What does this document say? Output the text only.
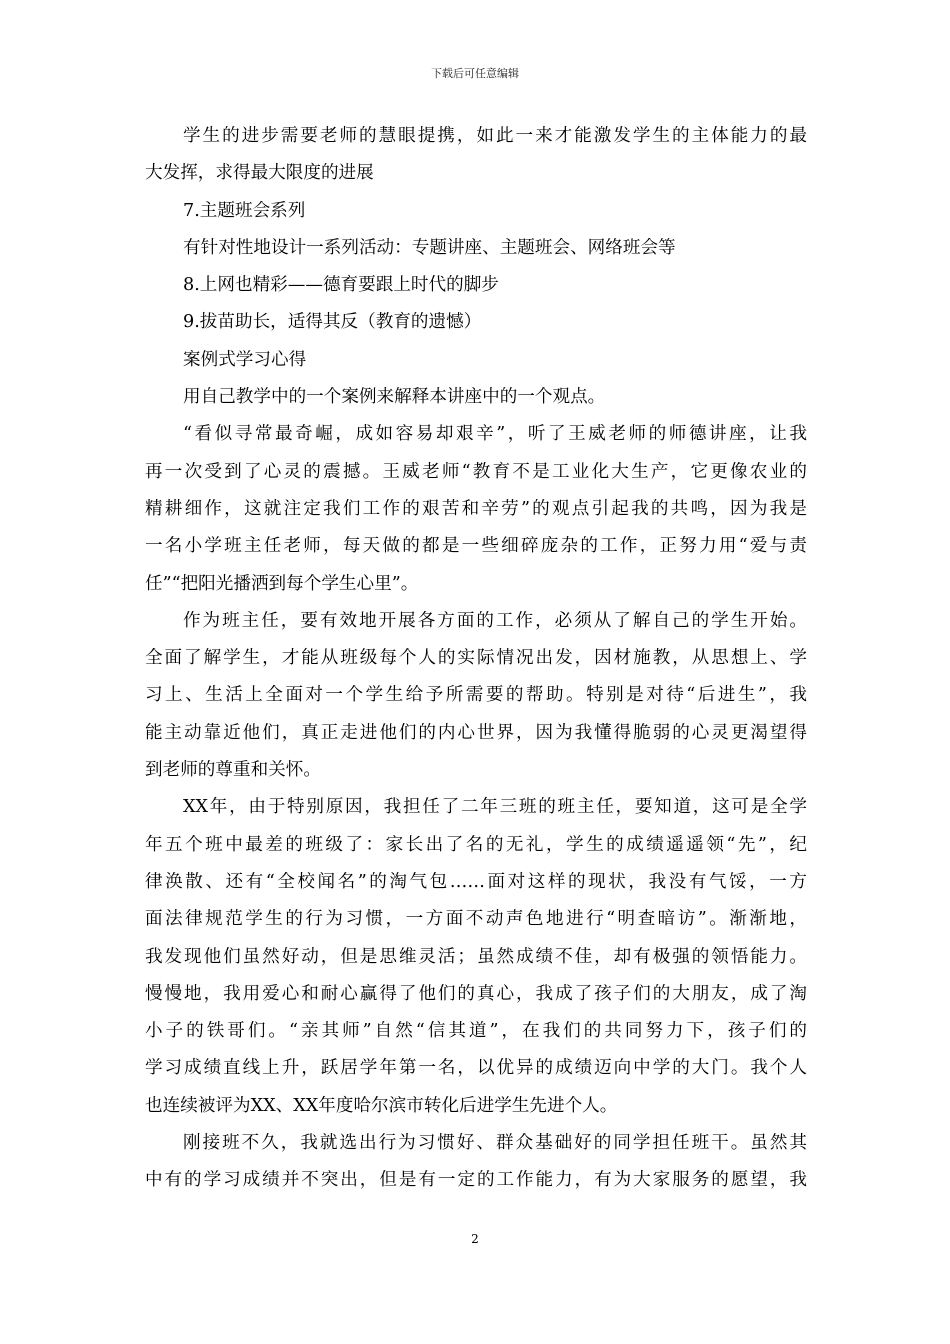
下载后可任意编辑
学生的进步需要老师的慧眼提携，如此一来才能激发学生的主体能力的最
大发挥，求得最大限度的进展
7.主题班会系列
有针对性地设计一系列活动：专题讲座、主题班会、网络班会等
8.上网也精彩——德育要跟上时代的脚步
9.拔苗助长，适得其反（教育的遗憾）
案例式学习心得
用自己教学中的一个案例来解释本讲座中的一个观点。
“看似寻常最奇崛，成如容易却艰辛”，听了王威老师的师德讲座，让我
再一次受到了心灵的震撼。王威老师“教育不是工业化大生产，它更像农业的
精耕细作，这就注定我们工作的艰苦和辛劳”的观点引起我的共鸣，因为我是
一名小学班主任老师，每天做的都是一些细碎庞杂的工作，正努力用“爱与责
任”“把阳光播洒到每个学生心里”。
作为班主任，要有效地开展各方面的工作，必须从了解自己的学生开始。
全面了解学生，才能从班级每个人的实际情况出发，因材施教，从思想上、学
习上、生活上全面对一个学生给予所需要的帮助。特别是对待“后进生”，我
能主动靠近他们，真正走进他们的内心世界，因为我懂得脆弱的心灵更渴望得
到老师的尊重和关怀。
XX年，由于特别原因，我担任了二年三班的班主任，要知道，这可是全学
年五个班中最差的班级了：家长出了名的无礼，学生的成绩遥遥领“先”，纪
律涣散、还有“全校闻名”的淘气包……面对这样的现状，我没有气馁，一方
面法律规范学生的行为习惯，一方面不动声色地进行“明查暗访”。渐渐地，
我发现他们虽然好动，但是思维灵活；虽然成绩不佳，却有极强的领悟能力。
慢慢地，我用爱心和耐心赢得了他们的真心，我成了孩子们的大朋友，成了淘
小子的铁哥们。“亲其师”自然“信其道”，在我们的共同努力下，孩子们的
学习成绩直线上升，跃居学年第一名，以优异的成绩迈向中学的大门。我个人
也连续被评为XX、XX年度哈尔滨市转化后进学生先进个人。
刚接班不久，我就选出行为习惯好、群众基础好的同学担任班干。虽然其
中有的学习成绩并不突出，但是有一定的工作能力，有为大家服务的愿望，我
2
